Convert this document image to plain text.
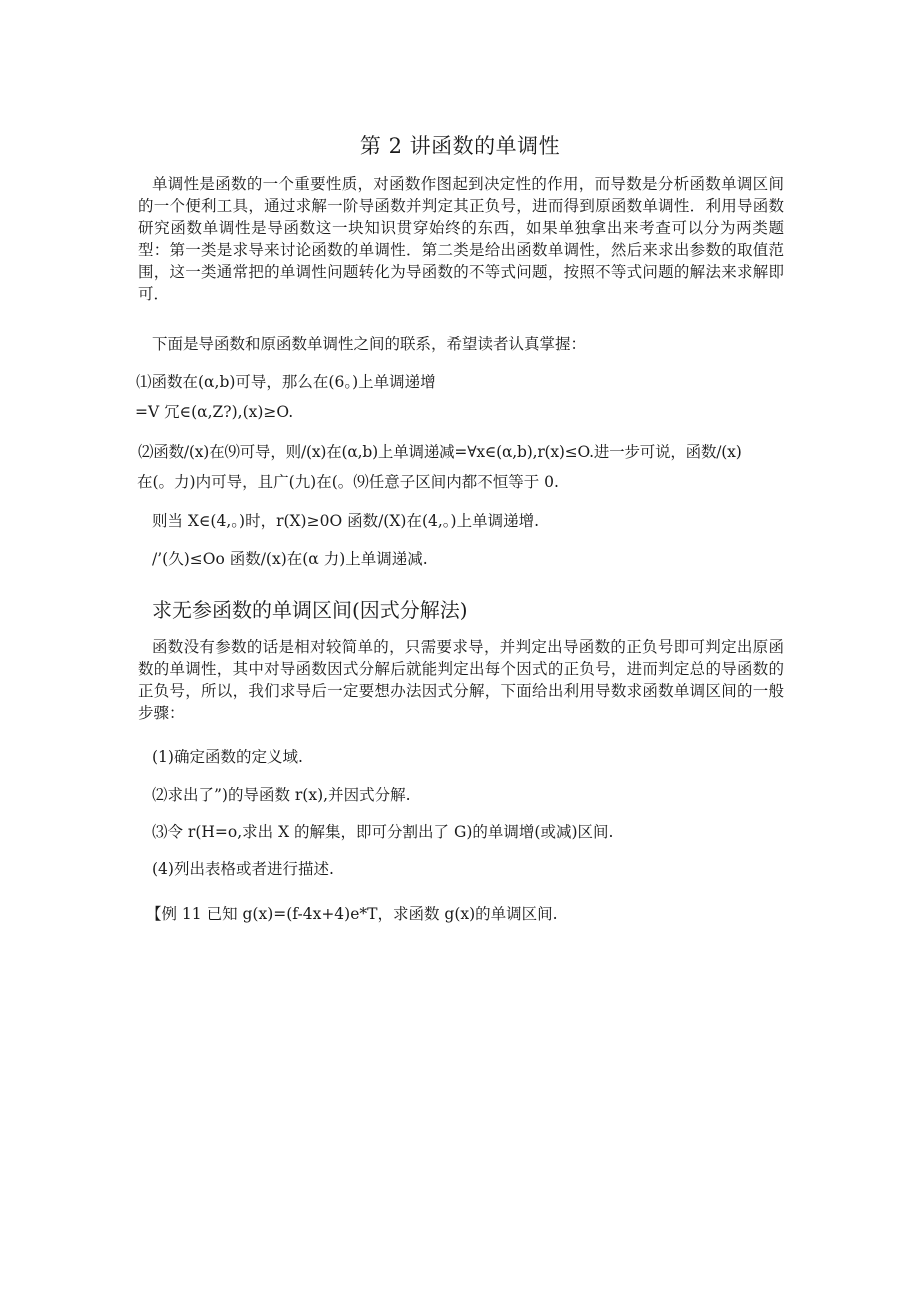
第 2 讲函数的单调性
单调性是函数的一个重要性质，对函数作图起到决定性的作用，而导数是分析函数单调区间的一个便利工具，通过求解一阶导函数并判定其正负号，进而得到原函数单调性．利用导函数研究函数单调性是导函数这一块知识贯穿始终的东西，如果单独拿出来考查可以分为两类题型：第一类是求导来讨论函数的单调性．第二类是给出函数单调性，然后来求出参数的取值范围，这一类通常把的单调性问题转化为导函数的不等式问题，按照不等式问题的解法来求解即可．
下面是导函数和原函数单调性之间的联系，希望读者认真掌握：
⑴函数在(α,b)可导，那么在(6。)上单调递增
=V 冗∈(α,Z?),(x)≥O.
⑵函数/(x)在⑼可导，则/(x)在(α,b)上单调递减=∀x∈(α,b),r(x)≤O.进一步可说，函数/(x)
在(。力)内可导，且广(九)在(。⑼任意子区间内都不恒等于 0.
则当 X∈(4,。)时，r(X)≥0O 函数/(X)在(4,。)上单调递增.
/’(久)≤Oo 函数/(x)在(α 力)上单调递减.
求无参函数的单调区间(因式分解法)
函数没有参数的话是相对较简单的，只需要求导，并判定出导函数的正负号即可判定出原函数的单调性，其中对导函数因式分解后就能判定出每个因式的正负号，进而判定总的导函数的正负号，所以，我们求导后一定要想办法因式分解，下面给出利用导数求函数单调区间的一般步骤：
(1)确定函数的定义域.
⑵求出了”)的导函数 r(x),并因式分解.
⑶令 r(H=o,求出 X 的解集，即可分割出了 G)的单调增(或减)区间.
(4)列出表格或者进行描述.
【例 11 已知 g(x)=(f-4x+4)e*T，求函数 g(x)的单调区间.
